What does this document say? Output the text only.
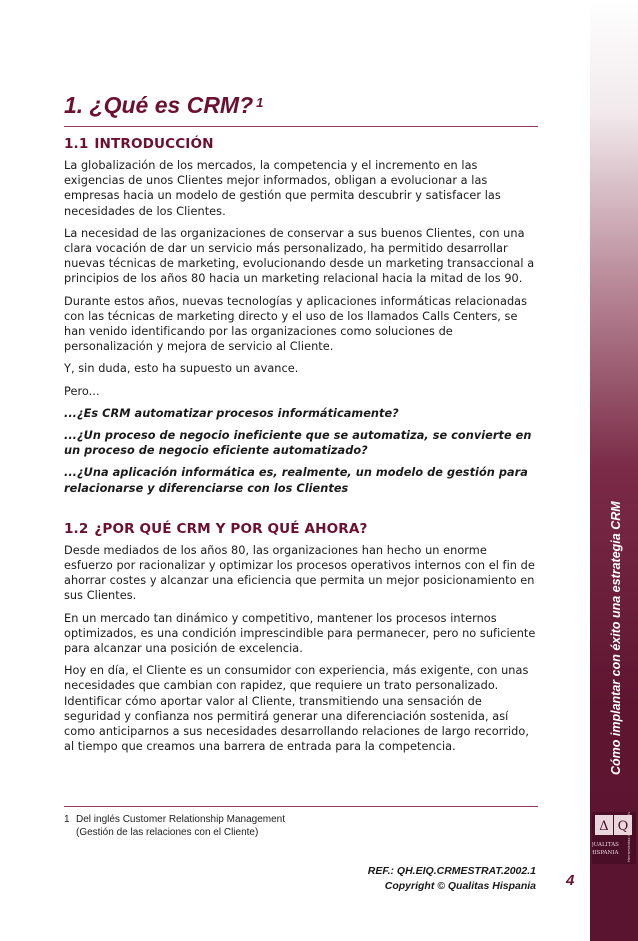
Cómo implantar con éxito una estrategia CRM
Δ Q
QUALITAS
HISPANIA Herramientas de competitividad
1. ¿Qué es CRM? $^1$
1.1 INTRODUCCIÓN

La globalización de los mercados, la competencia y el incremento en las exigencias de unos Clientes mejor informados, obligan a evolucionar a las empresas hacia un modelo de gestión que permita descubrir y satisfacer las necesidades de los Clientes.

La necesidad de las organizaciones de conservar a sus buenos Clientes, con una clara vocación de dar un servicio más personalizado, ha permitido desarrollar nuevas técnicas de marketing, evolucionando desde un marketing transaccional a principios de los años 80 hacia un marketing relacional hacia la mitad de los 90.

Durante estos años, nuevas tecnologías y aplicaciones informáticas relacionadas con las técnicas de marketing directo y el uso de los llamados Calls Centers, se han venido identificando por las organizaciones como soluciones de personalización y mejora de servicio al Cliente.

Y, sin duda, esto ha supuesto un avance.

Pero...

...¿Es CRM automatizar procesos informáticamente?

...¿Un proceso de negocio ineficiente que se automatiza, se convierte en un proceso de negocio eficiente automatizado?

...¿Una aplicación informática es, realmente, un modelo de gestión para relacionarse y diferenciarse con los Clientes

1.2 ¿POR QUÉ CRM Y POR QUÉ AHORA?

Desde mediados de los años 80, las organizaciones han hecho un enorme esfuerzo por racionalizar y optimizar los procesos operativos internos con el fin de ahorrar costes y alcanzar una eficiencia que permita un mejor posicionamiento en sus Clientes.

En un mercado tan dinámico y competitivo, mantener los procesos internos optimizados, es una condición imprescindible para permanecer, pero no suficiente para alcanzar una posición de excelencia.

Hoy en día, el Cliente es un consumidor con experiencia, más exigente, con unas necesidades que cambian con rapidez, que requiere un trato personalizado. Identificar cómo aportar valor al Cliente, transmitiendo una sensación de seguridad y confianza nos permitirá generar una diferenciación sostenida, así como anticiparnos a sus necesidades desarrollando relaciones de largo recorrido, al tiempo que creamos una barrera de entrada para la competencia.

1 Del inglés Customer Relationship Management
(Gestión de las relaciones con el Cliente)
REF.: QH.EIQ.CRMESTRAT.2002.1
Copyright © Qualitas Hispania 4
